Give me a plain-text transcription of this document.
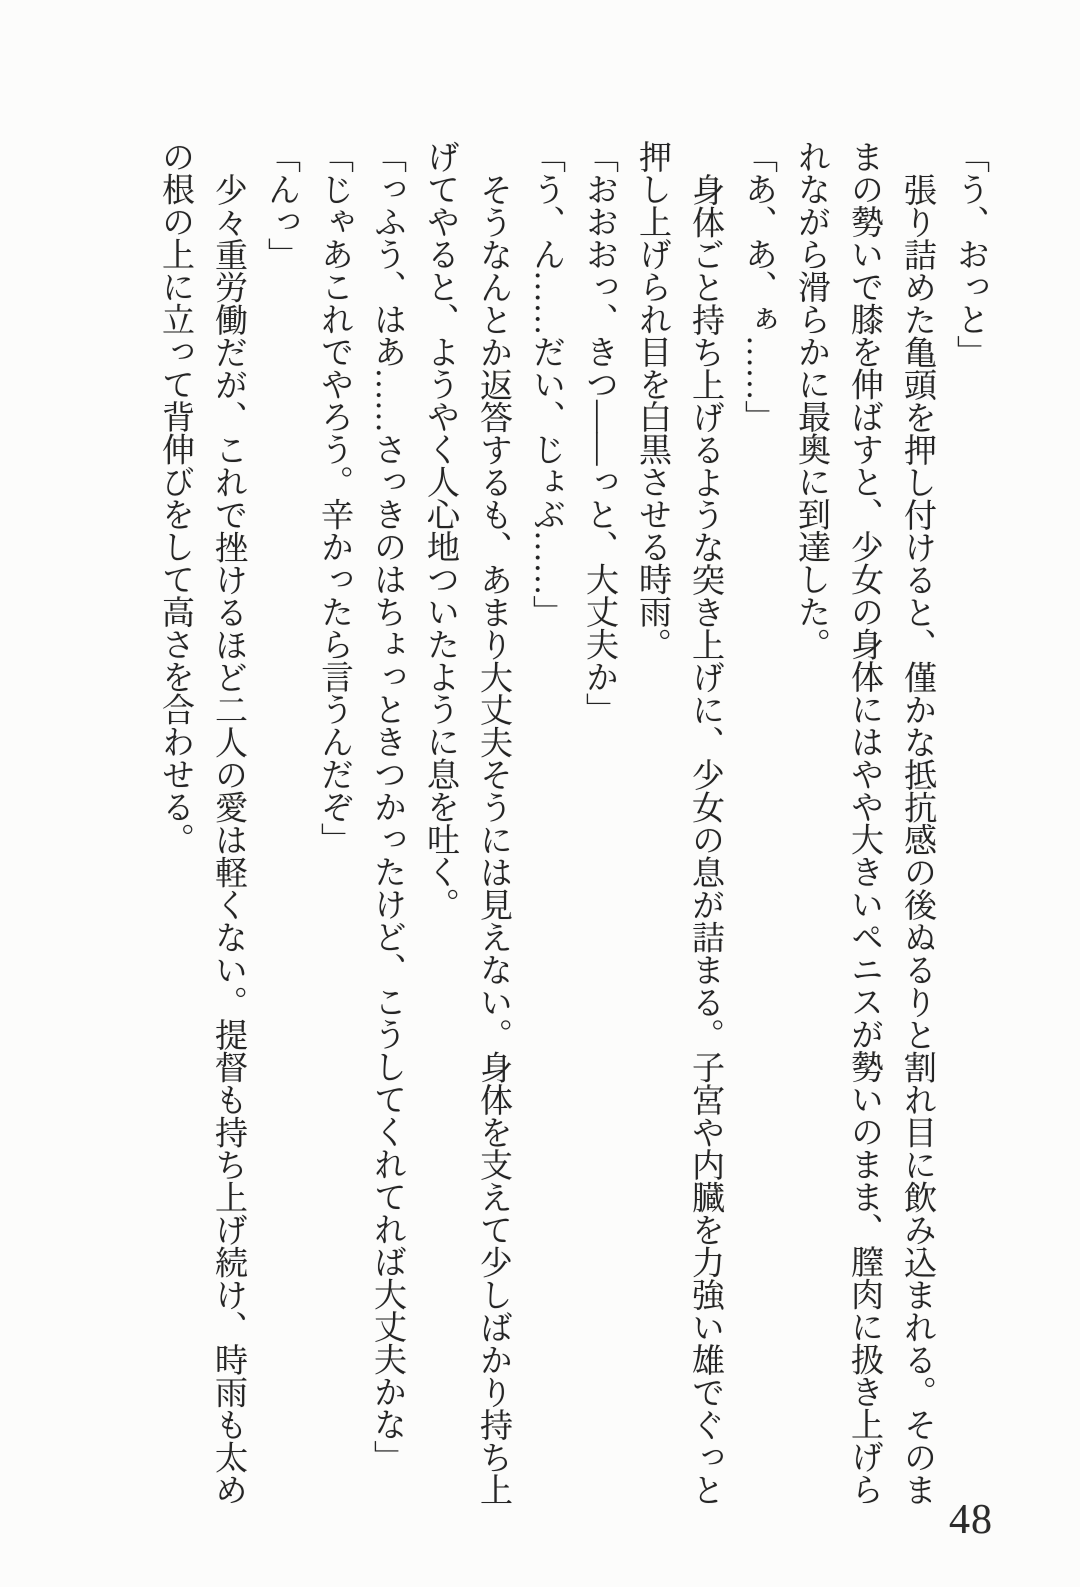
「う、おっと」

張り詰めた亀頭を押し付けると、僅かな抵抗感の後ぬるりと割れ目に飲み込まれる。そのま

まの勢いで膝を伸ばすと、少女の身体にはやや大きいペニスが勢いのまま、膣肉に扱き上げら

れながら滑らかに最奥に到達した。

「あ、あ、ぁ……」

身体ごと持ち上げるような突き上げに、少女の息が詰まる。子宮や内臓を力強い雄でぐっと

押し上げられ目を白黒させる時雨。

「おおおっ、きつ――っと、大丈夫か」

「う、ん……だい、じょぶ……」

そうなんとか返答するも、あまり大丈夫そうには見えない。身体を支えて少しばかり持ち上

げてやると、ようやく人心地ついたように息を吐く。

「っふう、はあ……さっきのはちょっときつかったけど、こうしてくれてれば大丈夫かな」

「じゃあこれでやろう。辛かったら言うんだぞ」

「んっ」

少々重労働だが、これで挫けるほど二人の愛は軽くない。提督も持ち上げ続け、時雨も太め

の根の上に立って背伸びをして高さを合わせる。

48
